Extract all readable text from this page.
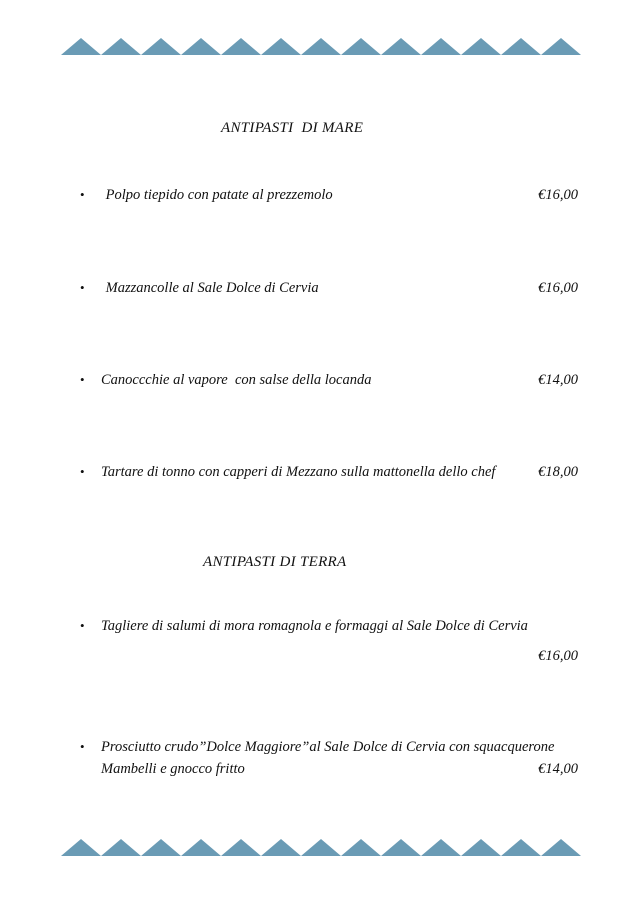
ANTIPASTI  DI MARE
• Polpo tiepido con patate al prezzemolo	€16,00
• Mazzancolle al Sale Dolce di Cervia	€16,00
• Canoccchie al vapore  con salse della locanda	€14,00
• Tartare di tonno con capperi di Mezzano sulla mattonella dello chef	€18,00
ANTIPASTI DI TERRA
• Tagliere di salumi di mora romagnola e formaggi al Sale Dolce di Cervia
€16,00
• Prosciutto crudo”Dolce Maggiore”al Sale Dolce di Cervia con squacquerone
Mambelli e gnocco fritto	€14,00
